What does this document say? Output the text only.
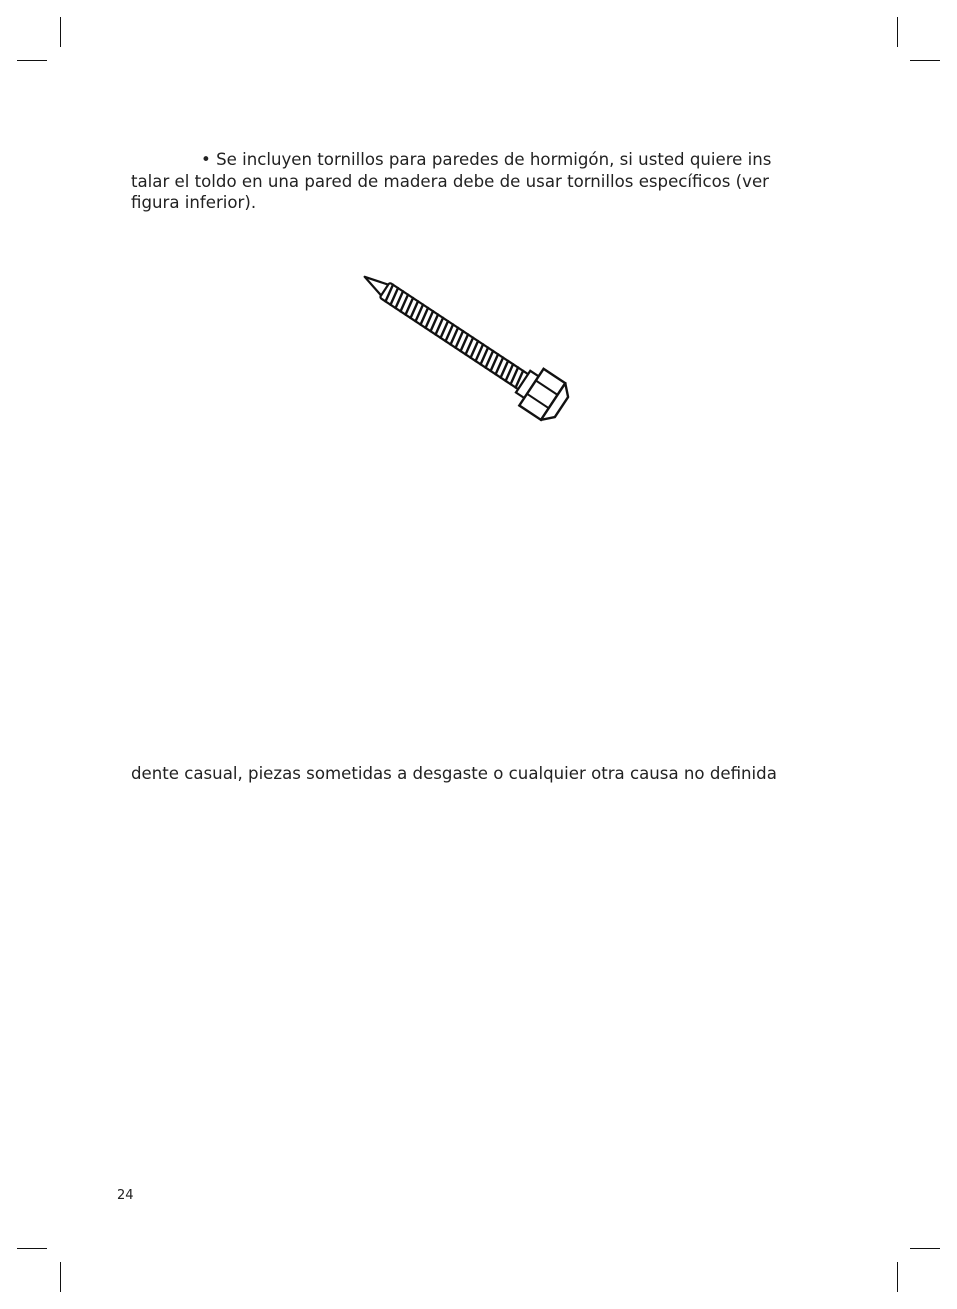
• Se incluyen tornillos para paredes de hormigón, si usted quiere ins
talar el toldo en una pared de madera debe de usar tornillos específicos (ver
figura inferior).
dente casual, piezas sometidas a desgaste o cualquier otra causa no definida
24
